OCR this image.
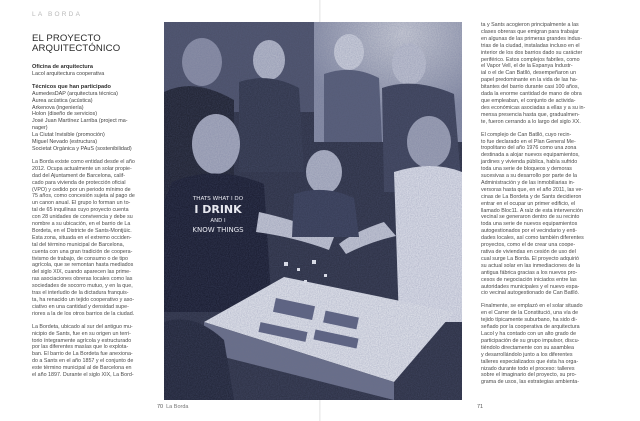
LA BORDA
EL PROYECTO
ARQUITECTÓNICO

Oficina de arquitectura

Lacol arquitectura cooperativa

Técnicos que han participado

AumedesDAP (arquitectura técnica)

Àurea acústica (acústica)

Arkenova (ingeniería)

Holon (diseño de servicios)

José Juan Martínez Larriba (project ma-

nager)

La Ciutat Invisible (promoción)

Miguel Nevado (estructura)

Societat Orgànica y PAuS (sostenibilidad)

La Borda existe como entidad desde el año
2012. Ocupa actualmente un solar propie-
dad del Ajuntament de Barcelona, calif-
cado para vivienda de protección oficial
(VPO) y cedido por un periodo mínimo de
75 años, como concesión sujeta al pago de
un canon anual. El grupo lo forman un to-
tal de 65 inquilinas cuyo proyecto cuenta
con 28 unidades de convivencia y debe su
nombre a su ubicación, en el barrio de La
Bordeta, en el Districte de Sants-Montjüic.
Esta zona, situada en el extremo occiden-
tal del término municipal de Barcelona,
cuenta con una gran tradición de coopera-
tivismo de trabajo, de consumo o de tipo
agrícola, que se remontan hasta mediados
del siglo XIX, cuando aparecen las prime-
ras asociaciones obreras locales como las
sociedades de socorro mutuo, y en la que,
tras el interludio de la dictadura franquis-
ta, ha renacido un tejido cooperativo y aso-
ciativo en una cantidad y densidad supe-
riores a la de los otros barrios de la ciudad.

La Bordeta, ubicado al sur del antiguo mu-
nicipio de Sants, fue en su origen un terri-
torio íntegramente agrícola y estructurado
por las diferentes masías que lo explota-
ban. El barrio de La Bordeta fue anexiona-
do a Sants en el año 1857 y el conjunto de
este término municipal al de Barcelona en
el año 1897. Durante el siglo XIX, La Bord-

THATS WHAT I DO
I DRINK
AND I
KNOW THINGS

ta y Sants acogieron principalmente a las
clases obreras que emigran para trabajar
en algunas de las primeras grandes indus-
trias de la ciudad, instaladas incluso en el
interior de los dos barrios dado su carácter
periférico. Estos complejos fabriles, como
el Vapor Vell, el de la Espanya Industr-
ial o el de Can Batlló, desempeñaron un
papel predominante en la vida de las ha-
bitantes del barrio durante casi 100 años,
dada la enorme cantidad de mano de obra
que empleaban, el conjunto de activida-
des económicas asociadas a ellas y a su in-
mensa presencia hasta que, gradualmen-
te, fueron cerrando a lo largo del siglo XX.

El complejo de Can Batlló, cuyo recin-
to fue declarado en el Plan General Me-
tropolitano del año 1976 como una zona
destinada a alojar nuevos equipamientos,
jardines y vivienda pública, había sufrido
toda una serie de bloqueos y demoras
sucesivas a su desarrollo por parte de la
Administración y de las inmobiliarias in-
versoras hasta que, en el año 2011, las ve-
cinas de La Bordeta y de Sants decidieron
entrar en el ocupar un primer edificio, el
llamado Bloc11. A raíz de esta intervención
vecinal se generaron dentro de su recinto
toda una serie de nuevos equipamientos
autogestionados por el vecindario y enti-
dades locales, así como también diferentes
proyectos, como el de crear una coope-
rativa de viviendas en cesión de uso del
cual surge La Borda. El proyecto adquirió
su actual solar en las inmediaciones de la
antigua fábrica gracias a los nuevos pro-
cesos de negociación iniciados entre las
autoridades municipales y el nuevo espa-
cio vecinal autogestionado de Can Batlló.

Finalmente, se emplazó en el solar situado
en el Carrer de la Constitució, una vía de
tejido típicamente suburbano, ha sido di-
señado por la cooperativa de arquitectura
Lacol y ha contado con un alto grado de
participación de su grupo impulsor, discu-
tiéndolo directamente con su asamblea
y desarrollándolo junto a los diferentes
talleres especializados que ésta ha orga-
nizado durante todo el proceso: talleres
sobre el imaginario del proyecto, su pro-
grama de usos, las estrategias ambienta-

70 La Borda	71
